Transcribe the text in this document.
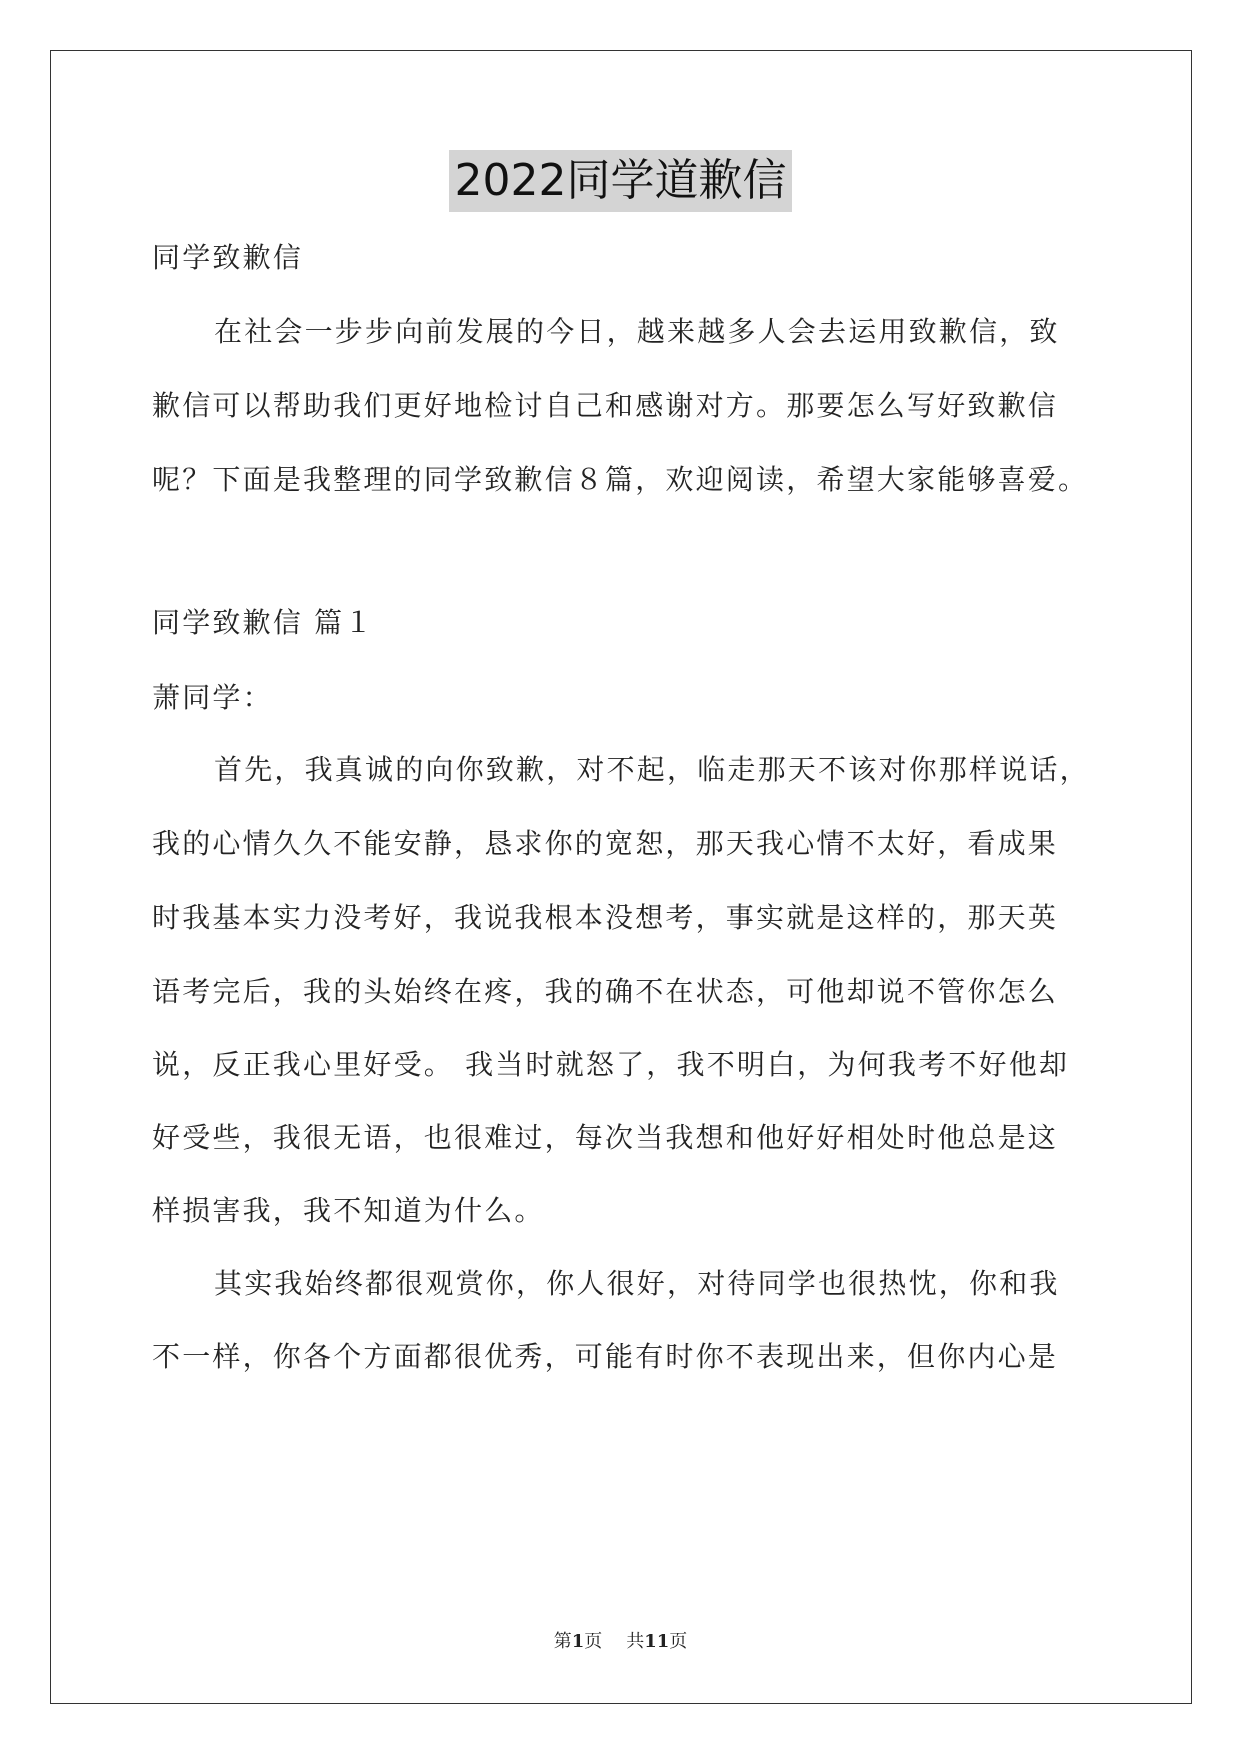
2022同学道歉信
同学致歉信
在社会一步步向前发展的今日，越来越多人会去运用致歉信，致
歉信可以帮助我们更好地检讨自己和感谢对方。那要怎么写好致歉信
呢？下面是我整理的同学致歉信８篇，欢迎阅读，希望大家能够喜爱。
同学致歉信 篇１
萧同学：
首先，我真诚的向你致歉，对不起，临走那天不该对你那样说话，
我的心情久久不能安静，恳求你的宽恕，那天我心情不太好，看成果
时我基本实力没考好，我说我根本没想考，事实就是这样的，那天英
语考完后，我的头始终在疼，我的确不在状态，可他却说不管你怎么
说，反正我心里好受。 我当时就怒了，我不明白，为何我考不好他却
好受些，我很无语，也很难过，每次当我想和他好好相处时他总是这
样损害我，我不知道为什么。
其实我始终都很观赏你，你人很好，对待同学也很热忱，你和我
不一样，你各个方面都很优秀，可能有时你不表现出来，但你内心是
第1页 共11页
